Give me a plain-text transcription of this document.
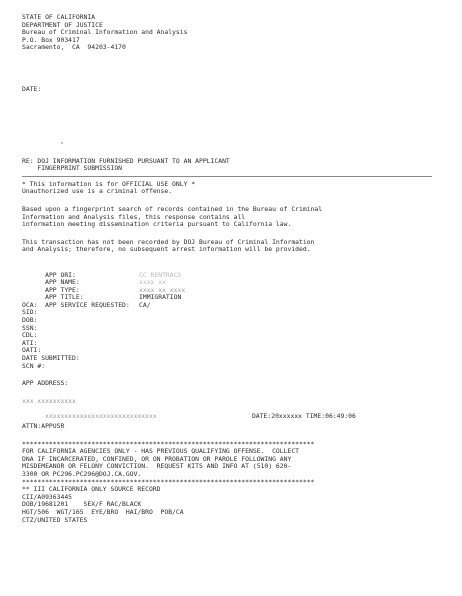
STATE OF CALIFORNIA
DEPARTMENT OF JUSTICE
Bureau of Criminal Information and Analysis
P.O. Box 903417
Sacramento,  CA  94203-4170
DATE:
,
RE: DOJ INFORMATION FURNISHED PURSUANT TO AN APPLICANT
FINGERPRINT SUBMISSION
* This information is for OFFICIAL USE ONLY *
Unauthorized use is a criminal offense.
Based upon a fingerprint search of records contained in the Bureau of Criminal
Information and Analysis files, this response contains all
information meeting dissemination criteria pursuant to California law.
This transaction has not been recorded by DOJ Bureau of Criminal Information
and Analysis; therefore, no subsequent arrest information will be provided.

APP ORI:	CC RENTRACS

APP NAME:	xxxx xx

APP TYPE:	xxxx xx xxxx

APP TITLE:	IMMIGRATION

APP SERVICE REQUESTED: CA/

OCA:
SID:
DOB:
SSN:
CDL:
ATI:
OATI:
DATE SUBMITTED:
SCN #:
APP ADDRESS:
xxx xxxxxxxxxx

xxxxxxxxxxxxxxxxxxxxxxxxxxxxx	DATE:20xxxxxx TIME:06:49:06

ATTN:APPUSR
****************************************************************************
FOR CALIFORNIA AGENCIES ONLY - HAS PREVIOUS QUALIFYING OFFENSE.  COLLECT
DNA IF INCARCERATED, CONFINED, OR ON PROBATION OR PAROLE FOLLOWING ANY
MISDEMEANOR OR FELONY CONVICTION.  REQUEST KITS AND INFO AT (510) 620-
3300 OR PC296.PC296@DOJ.CA.GOV.
****************************************************************************
** III CALIFORNIA ONLY SOURCE RECORD
CII/A09363445
DOB/19681201    SEX/F RAC/BLACK
HGT/506  WGT/165  EYE/BRO  HAI/BRO  POB/CA
CTZ/UNITED STATES
